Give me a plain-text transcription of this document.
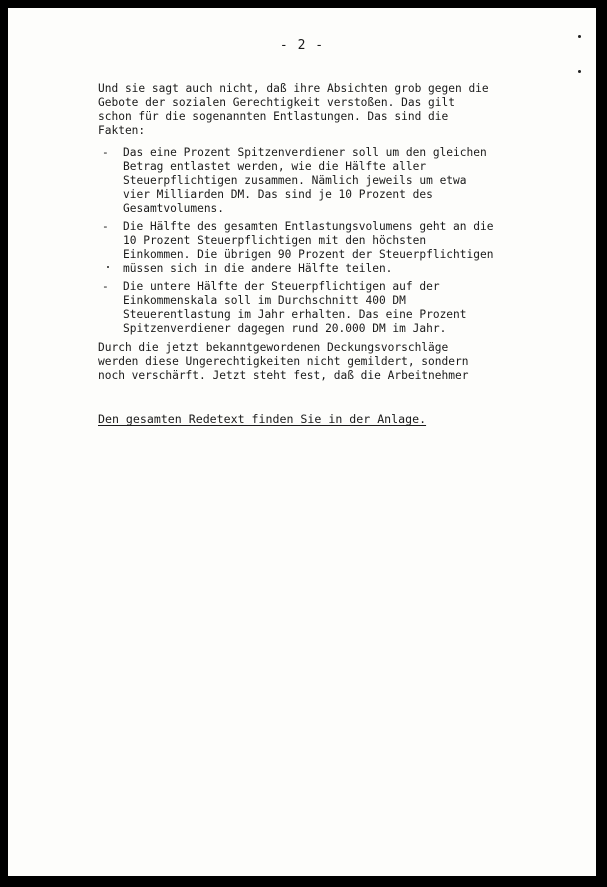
- 2 -
Und sie sagt auch nicht, daß ihre Absichten grob gegen die
Gebote der sozialen Gerechtigkeit verstoßen. Das gilt
schon für die sogenannten Entlastungen. Das sind die
Fakten:
- Das eine Prozent Spitzenverdiener soll um den gleichen
Betrag entlastet werden, wie die Hälfte aller
Steuerpflichtigen zusammen. Nämlich jeweils um etwa
vier Milliarden DM. Das sind je 10 Prozent des
Gesamtvolumens.
- Die Hälfte des gesamten Entlastungsvolumens geht an die
10 Prozent Steuerpflichtigen mit den höchsten
Einkommen. Die übrigen 90 Prozent der Steuerpflichtigen
müssen sich in die andere Hälfte teilen.
- Die untere Hälfte der Steuerpflichtigen auf der
Einkommenskala soll im Durchschnitt 400 DM
Steuerentlastung im Jahr erhalten. Das eine Prozent
Spitzenverdiener dagegen rund 20.000 DM im Jahr.
Durch die jetzt bekanntgewordenen Deckungsvorschläge
werden diese Ungerechtigkeiten nicht gemildert, sondern
noch verschärft. Jetzt steht fest, daß die Arbeitnehmer
Den gesamten Redetext finden Sie in der Anlage.
